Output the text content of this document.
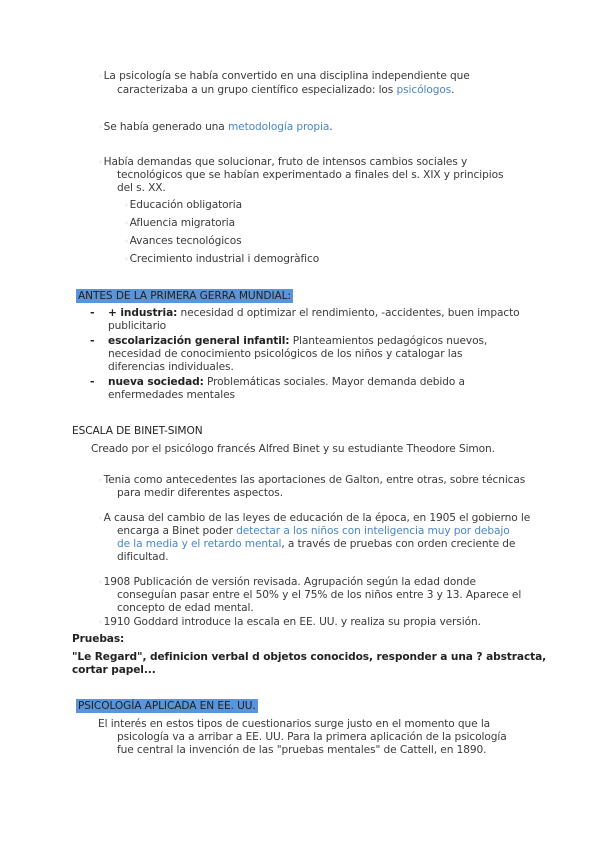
◦La psicología se había convertido en una disciplina independiente que
caracterizaba a un grupo científico especializado: los psicólogos.
◦Se había generado una metodología propia.
◦Había demandas que solucionar, fruto de intensos cambios sociales y
tecnológicos que se habían experimentado a finales del s. XIX y principios
del s. XX.
◦Educación obligatoria
◦Afluencia migratoria
◦Avances tecnológicos
◦Crecimiento industrial i demogràfico
ANTES DE LA PRIMERA GERRA MUNDIAL:
- + industria: necesidad d optimizar el rendimiento, -accidentes, buen impacto
publicitario
- escolarización general infantil: Planteamientos pedagógicos nuevos,
necesidad de conocimiento psicológicos de los niños y catalogar las
diferencias individuales.
- nueva sociedad: Problemáticas sociales. Mayor demanda debido a
enfermedades mentales
ESCALA DE BINET-SIMON
Creado por el psicólogo francés Alfred Binet y su estudiante Theodore Simon.
◦Tenia como antecedentes las aportaciones de Galton, entre otras, sobre técnicas
para medir diferentes aspectos.
◦A causa del cambio de las leyes de educación de la época, en 1905 el gobierno le
encarga a Binet poder detectar a los niños con inteligencia muy por debajo
de la media y el retardo mental, a través de pruebas con orden creciente de
dificultad.
◦1908 Publicación de versión revisada. Agrupación según la edad donde
conseguían pasar entre el 50% y el 75% de los niños entre 3 y 13. Aparece el
concepto de edad mental.
◦1910 Goddard introduce la escala en EE. UU. y realiza su propia versión.
Pruebas:
"Le Regard", definicion verbal d objetos conocidos, responder a una ? abstracta,
cortar papel...
PSICOLOGÍA APLICADA EN EE. UU.
El interés en estos tipos de cuestionarios surge justo en el momento que la
psicología va a arribar a EE. UU. Para la primera aplicación de la psicología
fue central la invención de las "pruebas mentales" de Cattell, en 1890.
